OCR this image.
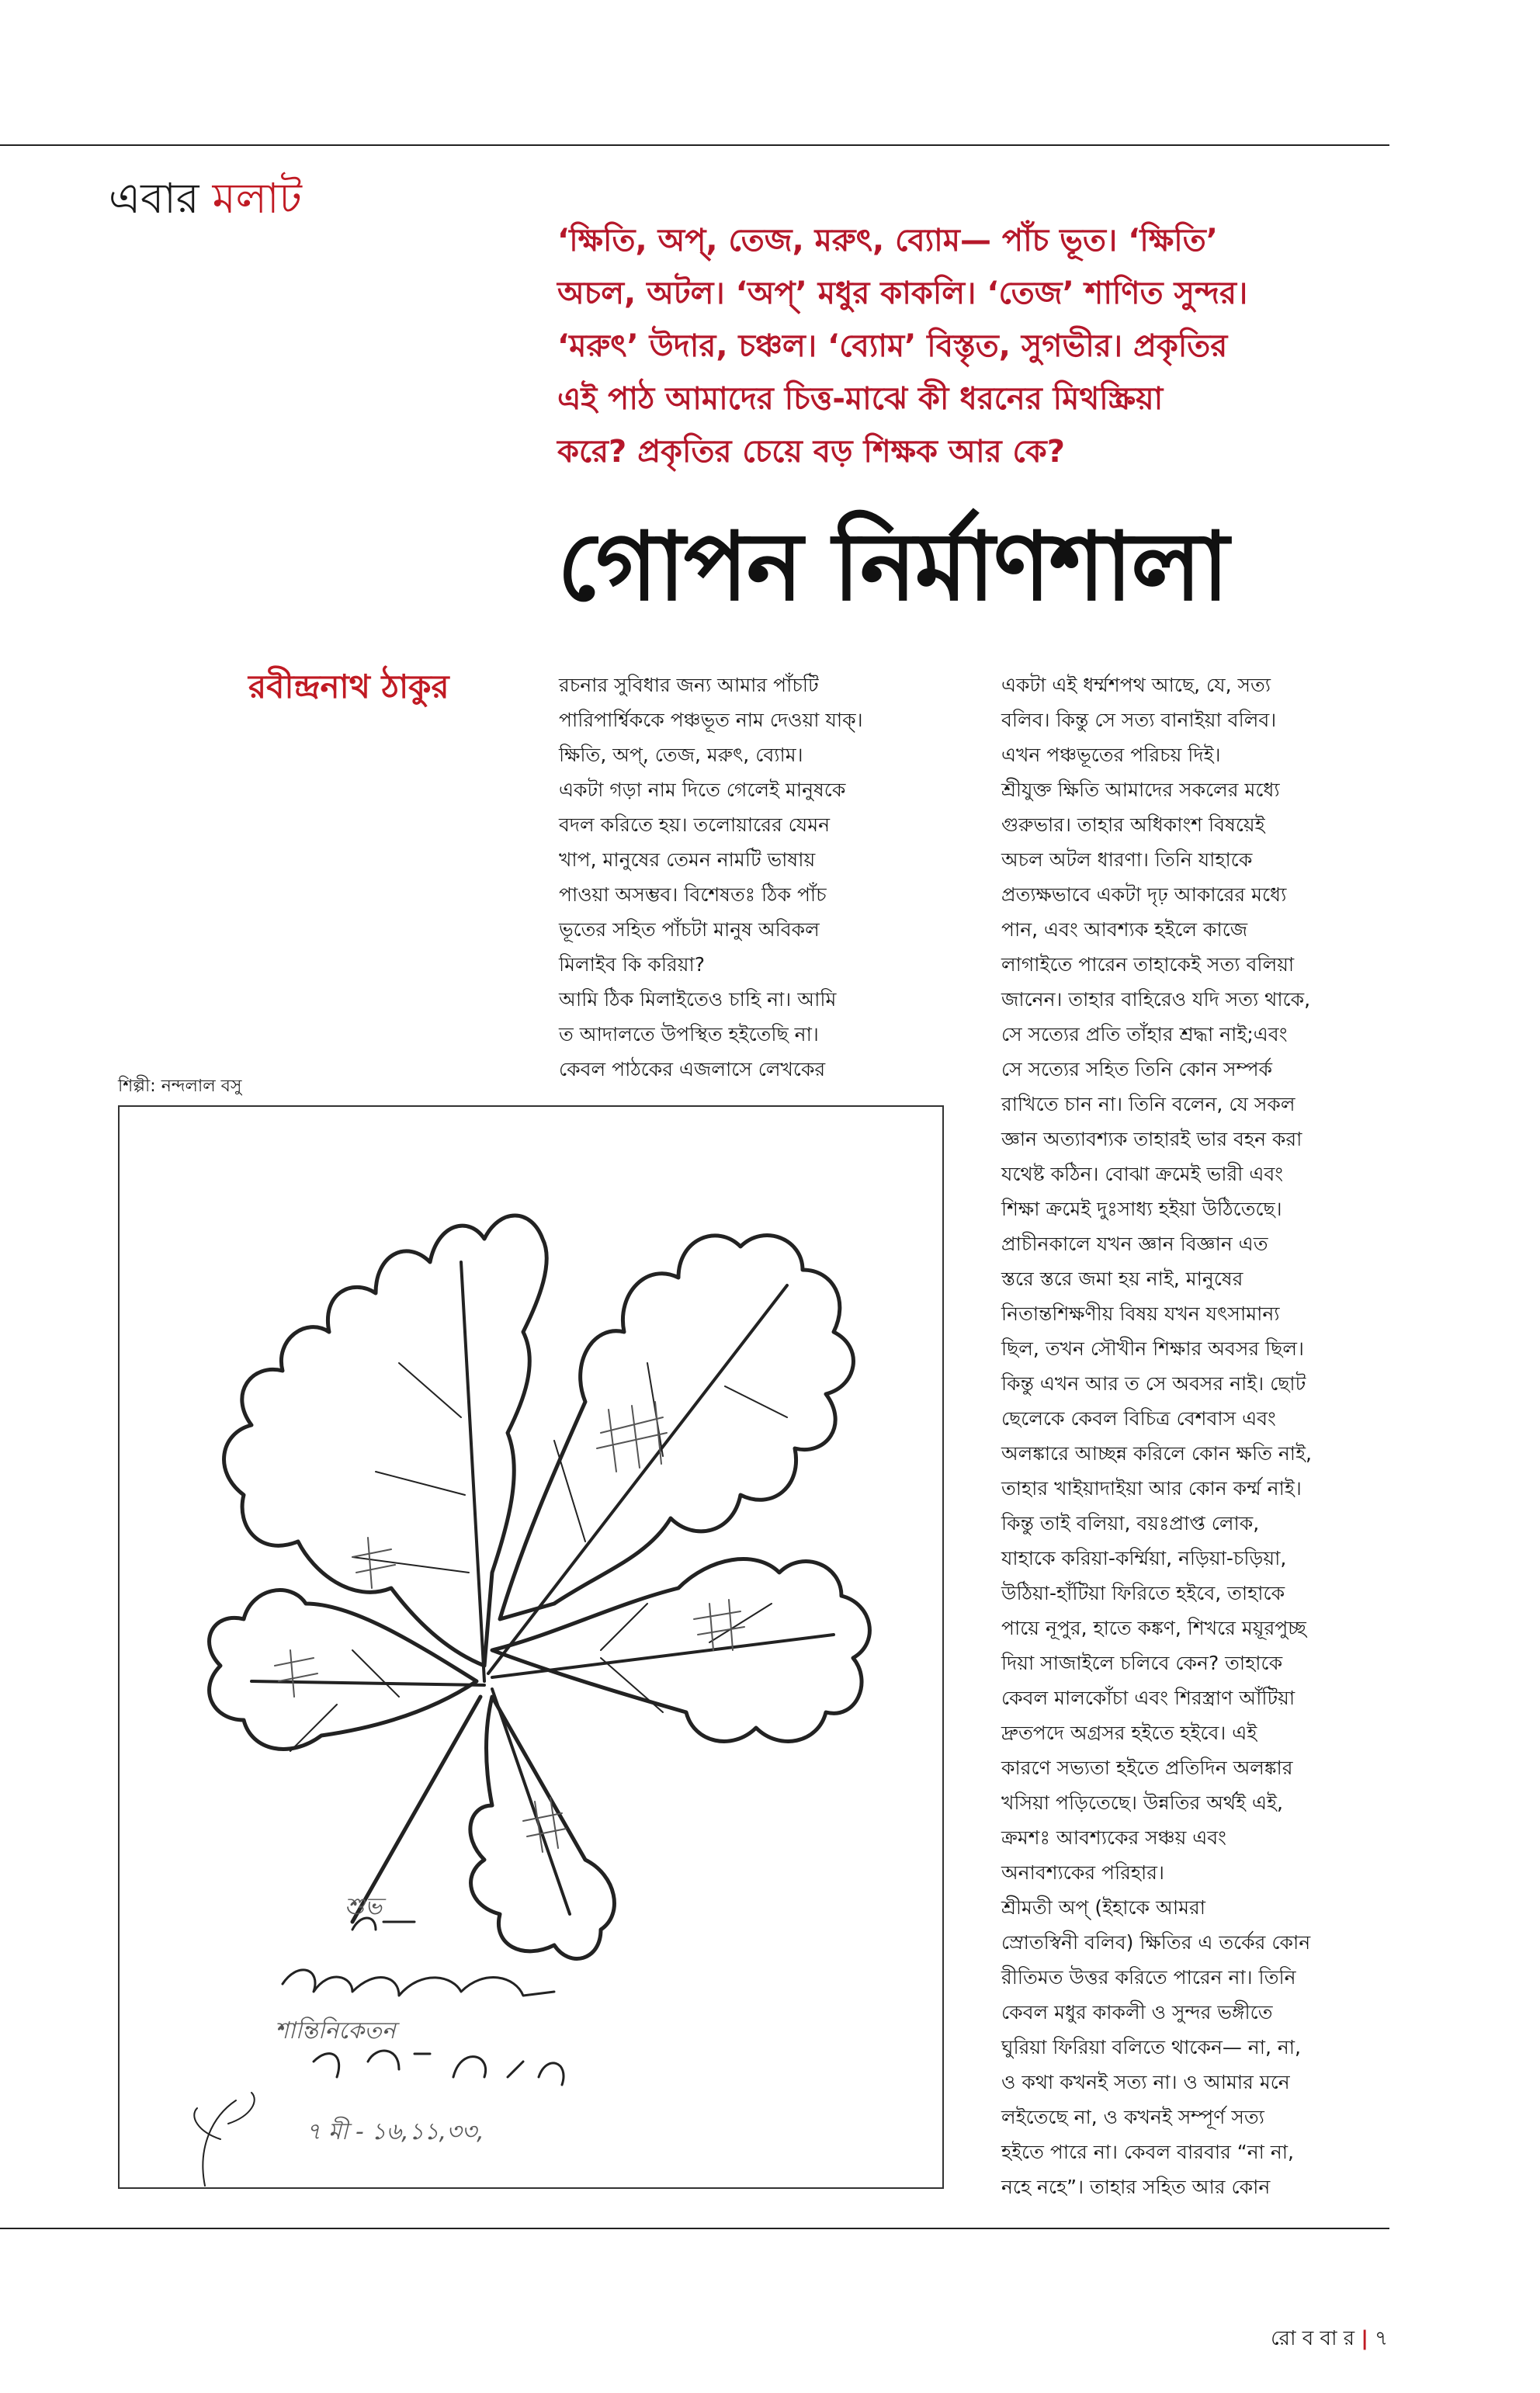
এবার মলাট
‘ক্ষিতি, অপ্‌, তেজ, মরুৎ, ব্যোম— পাঁচ ভূত। ‘ক্ষিতি’
অচল, অটল। ‘অপ্‌’ মধুর কাকলি। ‘তেজ’ শাণিত সুন্দর।
‘মরুৎ’ উদার, চঞ্চল। ‘ব্যোম’ বিস্তৃত, সুগভীর। প্রকৃতির
এই পাঠ আমাদের চিত্ত-মাঝে কী ধরনের মিথস্ক্রিয়া
করে? প্রকৃতির চেয়ে বড় শিক্ষক আর কে?
গোপন নির্মাণশালা
রবীন্দ্রনাথ ঠাকুর	রচনার সুবিধার জন্য আমার পাঁচটি
পারিপার্শ্বিককে পঞ্চভূত নাম দেওয়া যাক্‌।
ক্ষিতি, অপ্‌, তেজ, মরুৎ, ব্যোম।
একটা গড়া নাম দিতে গেলেই মানুষকে
বদল করিতে হয়। তলোয়ারের যেমন
খাপ, মানুষের তেমন নামটি ভাষায়
পাওয়া অসম্ভব। বিশেষতঃ ঠিক পাঁচ
ভূতের সহিত পাঁচটা মানুষ অবিকল
মিলাইব কি করিয়া?
আমি ঠিক মিলাইতেও চাহি না। আমি
ত আদালতে উপস্থিত হইতেছি না।
কেবল পাঠকের এজলাসে লেখকের
একটা এই ধর্ম্মশপথ আছে, যে, সত্য
বলিব। কিন্তু সে সত্য বানাইয়া বলিব।
এখন পঞ্চভূতের পরিচয় দিই।
শ্রীযুক্ত ক্ষিতি আমাদের সকলের মধ্যে
গুরুভার। তাহার অধিকাংশ বিষয়েই
অচল অটল ধারণা। তিনি যাহাকে
প্রত্যক্ষভাবে একটা দৃঢ় আকারের মধ্যে
পান, এবং আবশ্যক হইলে কাজে
লাগাইতে পারেন তাহাকেই সত্য বলিয়া
জানেন। তাহার বাহিরেও যদি সত্য থাকে,
সে সত্যের প্রতি তাঁহার শ্রদ্ধা নাই;এবং
সে সত্যের সহিত তিনি কোন সম্পর্ক
রাখিতে চান না। তিনি বলেন, যে সকল
জ্ঞান অত্যাবশ্যক তাহারই ভার বহন করা
যথেষ্ট কঠিন। বোঝা ক্রমেই ভারী এবং
শিক্ষা ক্রমেই দুঃসাধ্য হইয়া উঠিতেছে।
প্রাচীনকালে যখন জ্ঞান বিজ্ঞান এত
স্তরে স্তরে জমা হয় নাই, মানুষের
নিতান্তশিক্ষণীয় বিষয় যখন যৎসামান্য
ছিল, তখন সৌখীন শিক্ষার অবসর ছিল।
কিন্তু এখন আর ত সে অবসর নাই। ছোট
ছেলেকে কেবল বিচিত্র বেশবাস এবং
অলঙ্কারে আচ্ছন্ন করিলে কোন ক্ষতি নাই,
তাহার খাইয়াদাইয়া আর কোন কর্ম্ম নাই।
কিন্তু তাই বলিয়া, বয়ঃপ্রাপ্ত লোক,
যাহাকে করিয়া-কর্ম্মিয়া, নড়িয়া-চড়িয়া,
উঠিয়া-হাঁটিয়া ফিরিতে হইবে, তাহাকে
পায়ে নূপুর, হাতে কঙ্কণ, শিখরে ময়ূরপুচ্ছ
দিয়া সাজাইলে চলিবে কেন? তাহাকে
কেবল মালকোঁচা এবং শিরস্ত্রাণ আঁটিয়া
দ্রুতপদে অগ্রসর হইতে হইবে। এই
কারণে সভ্যতা হইতে প্রতিদিন অলঙ্কার
খসিয়া পড়িতেছে। উন্নতির অর্থই এই,
ক্রমশঃ আবশ্যকের সঞ্চয় এবং
অনাবশ্যকের পরিহার।
শ্রীমতী অপ্‌ (ইহাকে আমরা
স্রোতস্বিনী বলিব) ক্ষিতির এ তর্কের কোন
রীতিমত উত্তর করিতে পারেন না। তিনি
কেবল মধুর কাকলী ও সুন্দর ভঙ্গীতে
ঘুরিয়া ফিরিয়া বলিতে থাকেন— না, না,
ও কথা কখনই সত্য না। ও আমার মনে
লইতেছে না, ও কখনই সম্পূর্ণ সত্য
হইতে পারে না। কেবল বারবার “না না,
নহে নহে”। তাহার সহিত আর কোন
শিল্পী: নন্দলাল বসু
শুভ
শান্তিনিকেতন
৭ মী - ১৬,১১,৩৩,
রো ব বা র | ৭
